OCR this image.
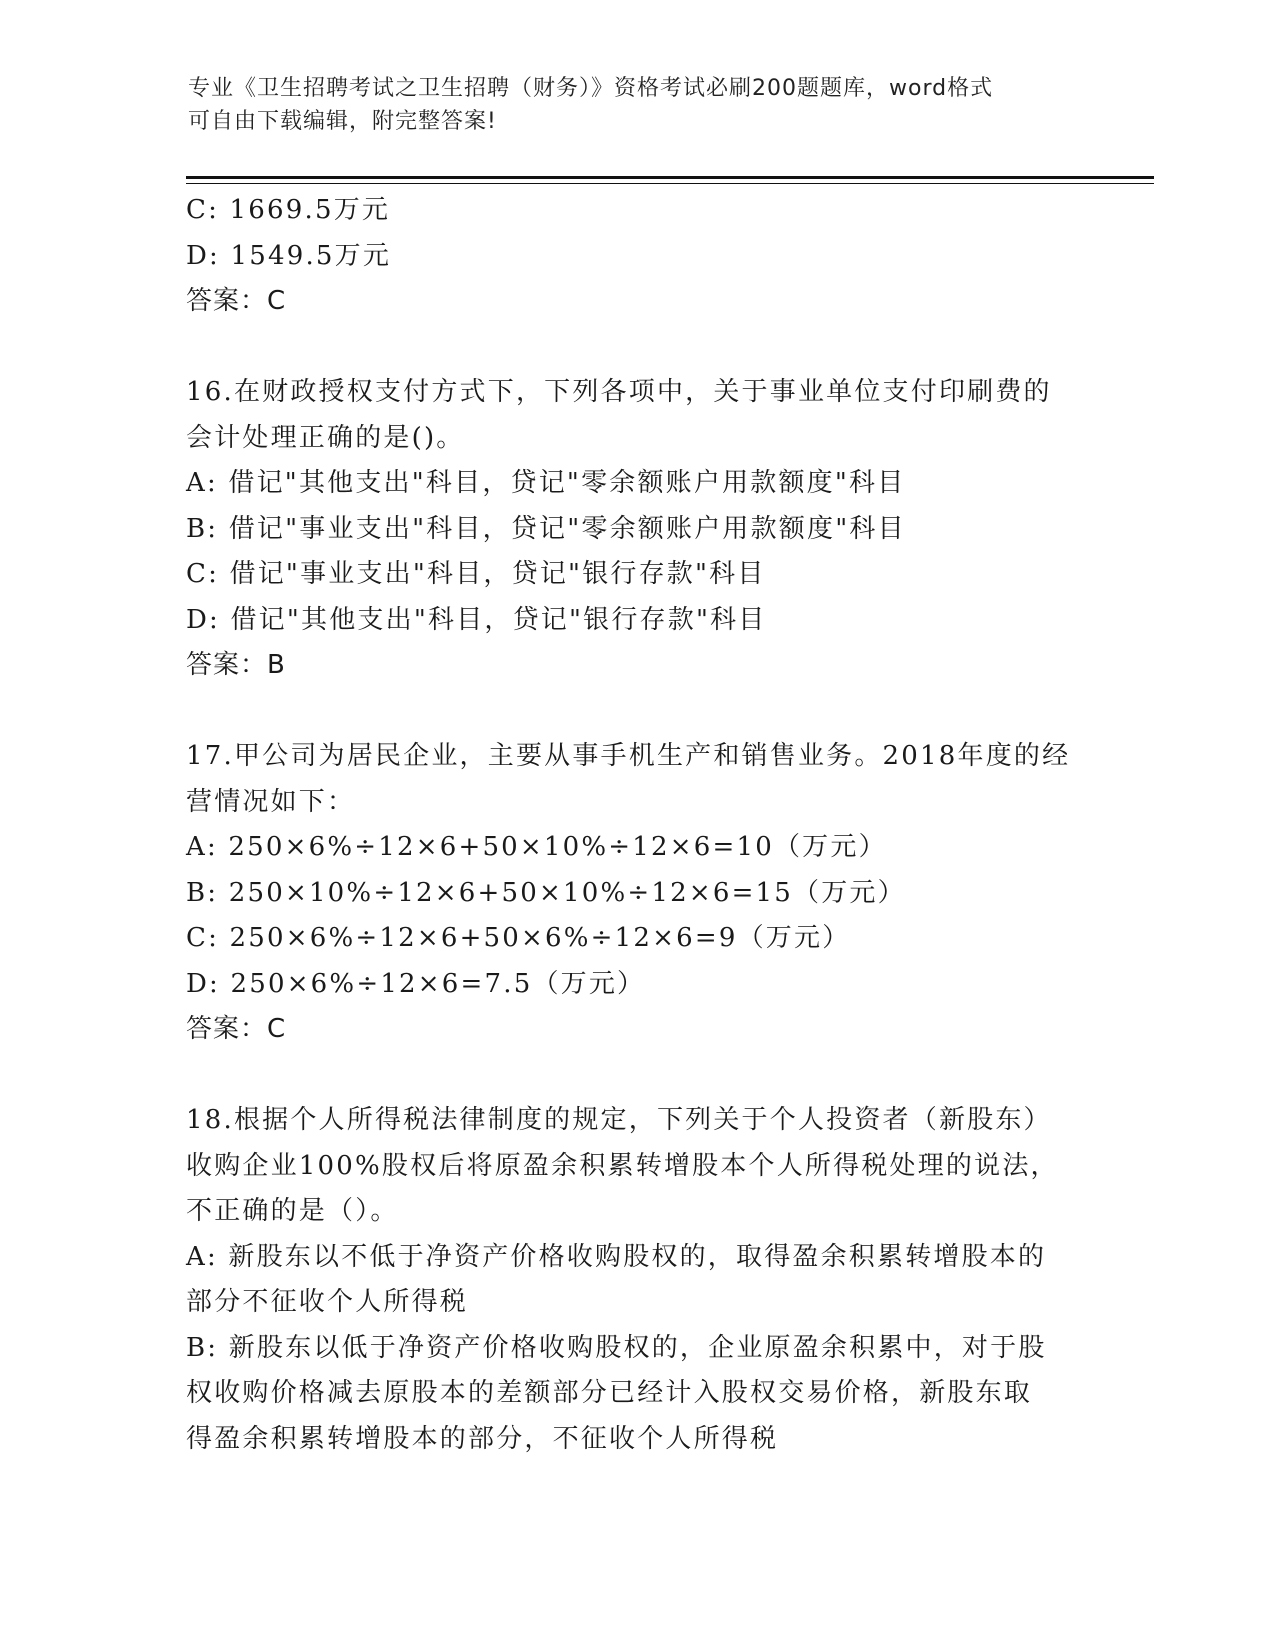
专业《卫生招聘考试之卫生招聘（财务）》资格考试必刷200题题库，word格式
可自由下载编辑，附完整答案!
C: 1669.5万元
D: 1549.5万元
答案：C
16.在财政授权支付方式下，下列各项中，关于事业单位支付印刷费的
会计处理正确的是()。
A: 借记"其他支出"科目，贷记"零余额账户用款额度"科目
B: 借记"事业支出"科目，贷记"零余额账户用款额度"科目
C: 借记"事业支出"科目，贷记"银行存款"科目
D: 借记"其他支出"科目，贷记"银行存款"科目
答案：B
17.甲公司为居民企业，主要从事手机生产和销售业务。2018年度的经
营情况如下：
A: 250×6%÷12×6+50×10%÷12×6=10（万元）
B: 250×10%÷12×6+50×10%÷12×6=15（万元）
C: 250×6%÷12×6+50×6%÷12×6=9（万元）
D: 250×6%÷12×6=7.5（万元）
答案：C
18.根据个人所得税法律制度的规定，下列关于个人投资者（新股东）
收购企业100%股权后将原盈余积累转增股本个人所得税处理的说法，
不正确的是（）。
A: 新股东以不低于净资产价格收购股权的，取得盈余积累转增股本的
部分不征收个人所得税
B: 新股东以低于净资产价格收购股权的，企业原盈余积累中，对于股
权收购价格减去原股本的差额部分已经计入股权交易价格，新股东取
得盈余积累转增股本的部分，不征收个人所得税
